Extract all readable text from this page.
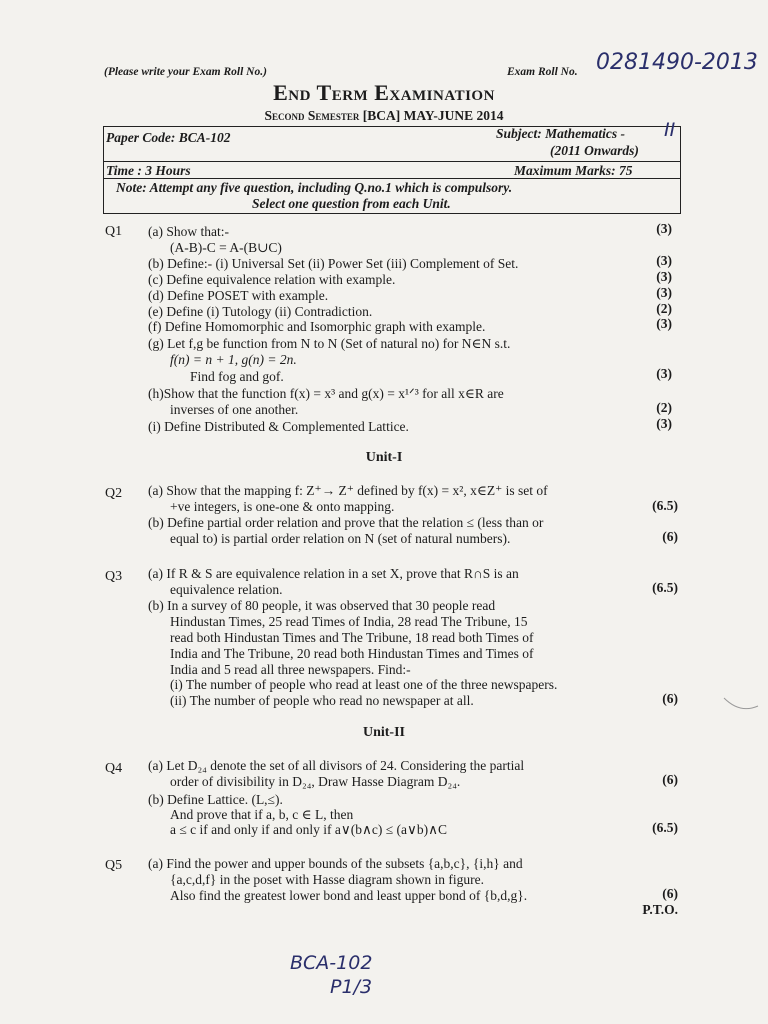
(Please write your Exam Roll No.)	Exam Roll No. 0281490-2013
End Term Examination
Second Semester [BCA] MAY-JUNE 2014
Paper Code: BCA-102	Subject: Mathematics - II
(2011 Onwards)
Time : 3 Hours	Maximum Marks: 75
Note: Attempt any five question, including Q.no.1 which is compulsory.
Select one question from each Unit.
Q1 (a) Show that:-	(3)
(A-B)-C = A-(B∪C)
(b) Define:- (i) Universal Set (ii) Power Set (iii) Complement of Set.	(3)
(c) Define equivalence relation with example.	(3)
(d) Define POSET with example.	(3)
(e) Define (i) Tutology (ii) Contradiction.	(2)
(f) Define Homomorphic and Isomorphic graph with example.	(3)
(g) Let f,g be function from N to N (Set of natural no) for N∈N s.t.
f(n) = n + 1, g(n) = 2n.
Find fog and gof.	(3)
(h)Show that the function f(x) = x³ and g(x) = x¹ᐟ³ for all x∈R are
inverses of one another.	(2)
(i) Define Distributed & Complemented Lattice.	(3)
Unit-I
Q2 (a) Show that the mapping f: Z⁺→ Z⁺ defined by f(x) = x², x∈Z⁺ is set of
+ve integers, is one-one & onto mapping.	(6.5)
(b) Define partial order relation and prove that the relation ≤ (less than or
equal to) is partial order relation on N (set of natural numbers).	(6)
Q3 (a) If R & S are equivalence relation in a set X, prove that R∩S is an
equivalence relation.	(6.5)
(b) In a survey of 80 people, it was observed that 30 people read
Hindustan Times, 25 read Times of India, 28 read The Tribune, 15
read both Hindustan Times and The Tribune, 18 read both Times of
India and The Tribune, 20 read both Hindustan Times and Times of
India and 5 read all three newspapers. Find:-
(i) The number of people who read at least one of the three newspapers.
(ii) The number of people who read no newspaper at all.	(6)
Unit-II
Q4 (a) Let D₂₄ denote the set of all divisors of 24. Considering the partial
order of divisibility in D₂₄, Draw Hasse Diagram D₂₄.	(6)
(b) Define Lattice. (L,≤).
And prove that if a, b, c ∈ L, then
a ≤ c if and only if and only if a∨(b∧c) ≤ (a∨b)∧C	(6.5)
Q5 (a) Find the power and upper bounds of the subsets {a,b,c}, {i,h} and
{a,c,d,f} in the poset with Hasse diagram shown in figure.
Also find the greatest lower bond and least upper bond of {b,d,g}.	(6)
P.T.O.
BCA-102
P1/3
